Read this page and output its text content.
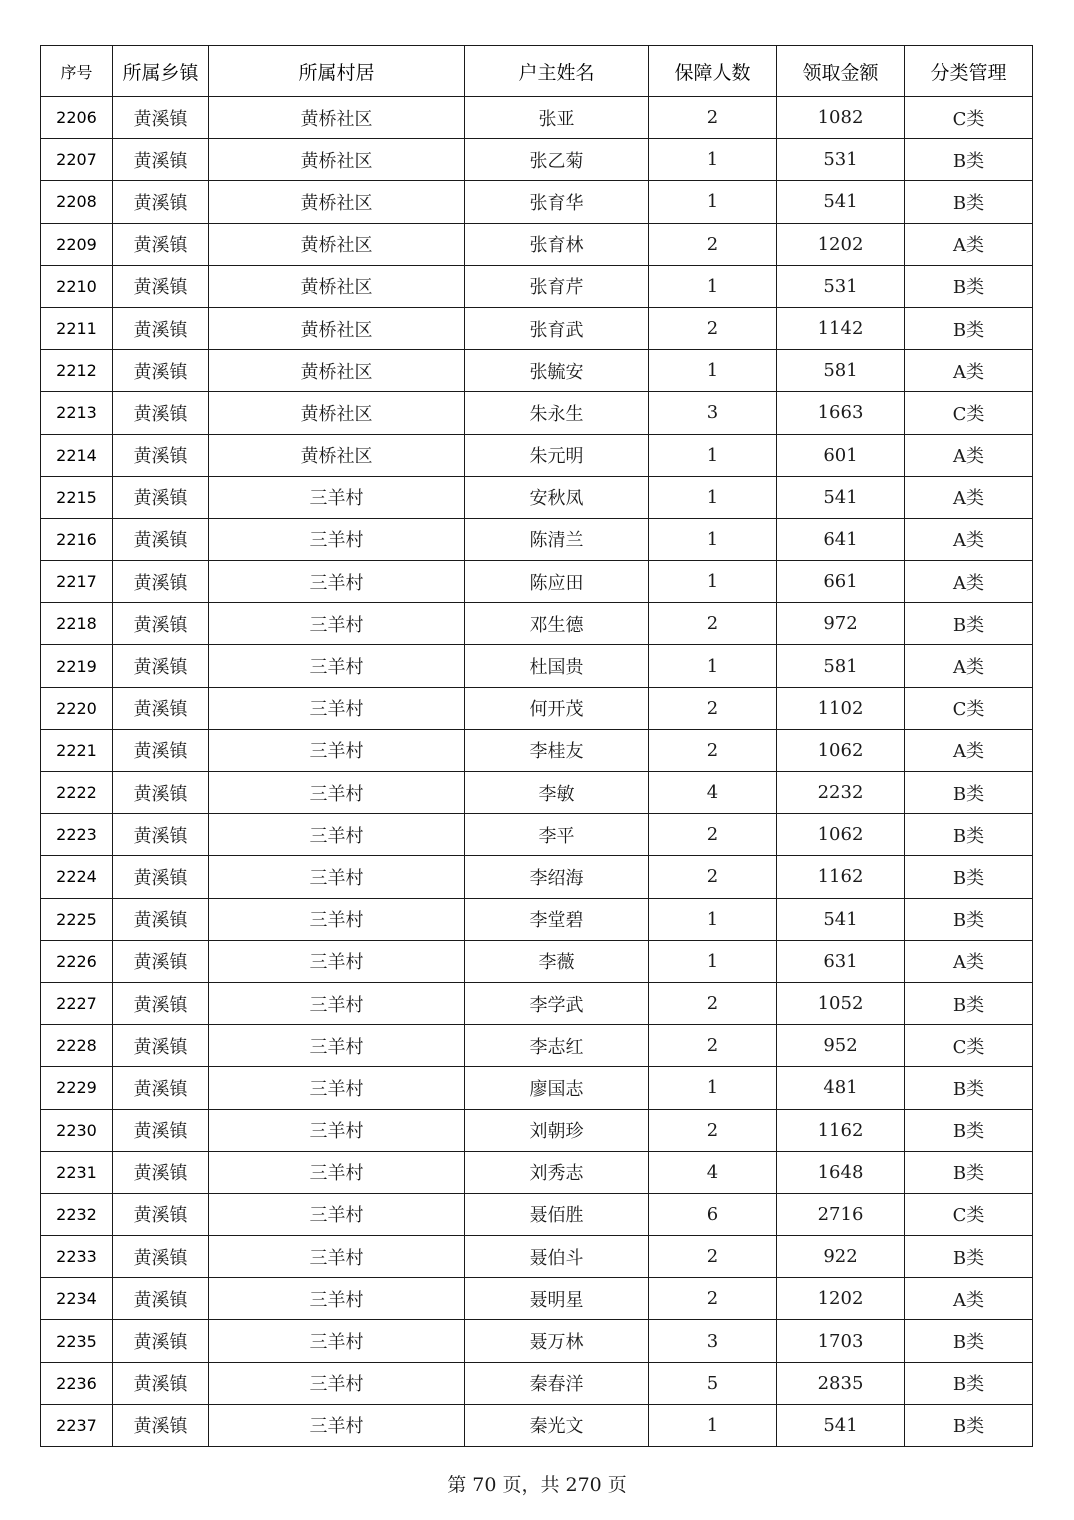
序号	所属乡镇	所属村居	户主姓名	保障人数	领取金额	分类管理
2206	黄溪镇	黄桥社区	张亚	2	1082	C类
2207	黄溪镇	黄桥社区	张乙菊	1	531	B类
2208	黄溪镇	黄桥社区	张育华	1	541	B类
2209	黄溪镇	黄桥社区	张育林	2	1202	A类
2210	黄溪镇	黄桥社区	张育芹	1	531	B类
2211	黄溪镇	黄桥社区	张育武	2	1142	B类
2212	黄溪镇	黄桥社区	张毓安	1	581	A类
2213	黄溪镇	黄桥社区	朱永生	3	1663	C类
2214	黄溪镇	黄桥社区	朱元明	1	601	A类
2215	黄溪镇	三羊村	安秋凤	1	541	A类
2216	黄溪镇	三羊村	陈清兰	1	641	A类
2217	黄溪镇	三羊村	陈应田	1	661	A类
2218	黄溪镇	三羊村	邓生德	2	972	B类
2219	黄溪镇	三羊村	杜国贵	1	581	A类
2220	黄溪镇	三羊村	何开茂	2	1102	C类
2221	黄溪镇	三羊村	李桂友	2	1062	A类
2222	黄溪镇	三羊村	李敏	4	2232	B类
2223	黄溪镇	三羊村	李平	2	1062	B类
2224	黄溪镇	三羊村	李绍海	2	1162	B类
2225	黄溪镇	三羊村	李堂碧	1	541	B类
2226	黄溪镇	三羊村	李薇	1	631	A类
2227	黄溪镇	三羊村	李学武	2	1052	B类
2228	黄溪镇	三羊村	李志红	2	952	C类
2229	黄溪镇	三羊村	廖国志	1	481	B类
2230	黄溪镇	三羊村	刘朝珍	2	1162	B类
2231	黄溪镇	三羊村	刘秀志	4	1648	B类
2232	黄溪镇	三羊村	聂佰胜	6	2716	C类
2233	黄溪镇	三羊村	聂伯斗	2	922	B类
2234	黄溪镇	三羊村	聂明星	2	1202	A类
2235	黄溪镇	三羊村	聂万林	3	1703	B类
2236	黄溪镇	三羊村	秦春洋	5	2835	B类
2237	黄溪镇	三羊村	秦光文	1	541	B类
第 70 页，共 270 页
